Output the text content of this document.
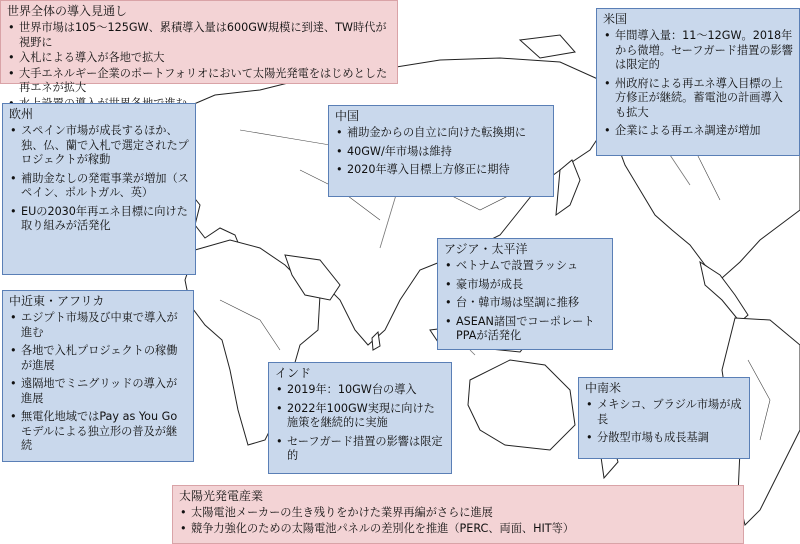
世界全体の導入見通し
• 世界市場は105～125GW、累積導入量は600GW規模に到達、TW時代が視野に
• 入札による導入が各地で拡大
• 大手エネルギー企業のポートフォリオにおいて太陽光発電をはじめとした再エネが拡大
•
欧州
• スペイン市場が成長するほか、独、仏、蘭で入札で選定されたプロジェクトが稼動
• 補助金なしの発電事業が増加（スペイン、ポルトガル、英）
• EUの2030年再エネ目標に向けた取り組みが活発化
中国
• 補助金からの自立に向けた転換期に
• 40GW/年市場は維持
• 2020年導入目標上方修正に期待
米国
• 年間導入量：11～12GW。2018年から微増。セーフガード措置の影響は限定的
• 州政府による再エネ導入目標の上方修正が継続。蓄電池の計画導入も拡大
• 企業による再エネ調達が増加
アジア・太平洋
• ベトナムで設置ラッシュ
• 豪市場が成長
• 台・韓市場は堅調に推移
• ASEAN諸国でコーポレートPPAが活発化
中近東・アフリカ
• エジプト市場及び中東で導入が進む
• 各地で入札プロジェクトの稼働が進展
• 遠隔地でミニグリッドの導入が進展
• 無電化地域ではPay as You Goモデルによる独立形の普及が継続
インド
• 2019年：10GW台の導入
• 2022年100GW実現に向けた施策を継続的に実施
• セーフガード措置の影響は限定的
中南米
• メキシコ、ブラジル市場が成長
• 分散型市場も成長基調
太陽光発電産業
• 太陽電池メーカーの生き残りをかけた業界再編がさらに進展
• 競争力強化のための太陽電池パネルの差別化を推進（PERC、両面、HIT等）
